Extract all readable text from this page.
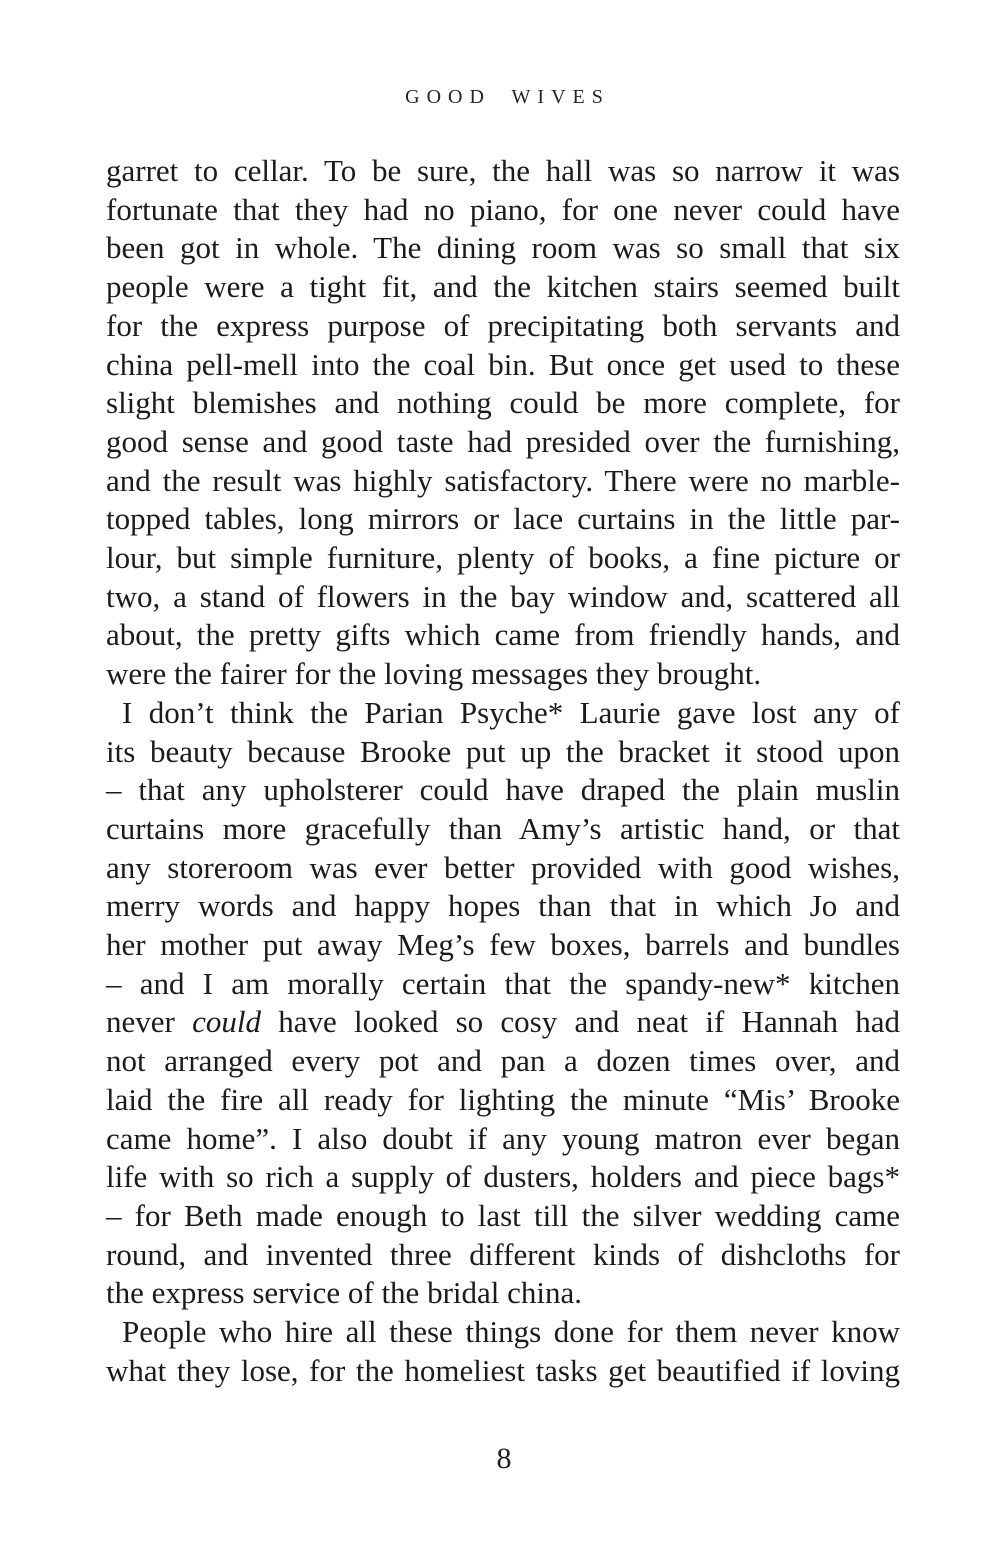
GOOD WIVES
garret to cellar. To be sure, the hall was so narrow it was
fortunate that they had no piano, for one never could have
been got in whole. The dining room was so small that six
people were a tight fit, and the kitchen stairs seemed built
for the express purpose of precipitating both servants and
china pell-mell into the coal bin. But once get used to these
slight blemishes and nothing could be more complete, for
good sense and good taste had presided over the furnishing,
and the result was highly satisfactory. There were no marble-
topped tables, long mirrors or lace curtains in the little par-
lour, but simple furniture, plenty of books, a fine picture or
two, a stand of flowers in the bay window and, scattered all
about, the pretty gifts which came from friendly hands, and
were the fairer for the loving messages they brought.
I don’t think the Parian Psyche* Laurie gave lost any of
its beauty because Brooke put up the bracket it stood upon
– that any upholsterer could have draped the plain muslin
curtains more gracefully than Amy’s artistic hand, or that
any storeroom was ever better provided with good wishes,
merry words and happy hopes than that in which Jo and
her mother put away Meg’s few boxes, barrels and bundles
– and I am morally certain that the spandy-new* kitchen
never could have looked so cosy and neat if Hannah had
not arranged every pot and pan a dozen times over, and
laid the fire all ready for lighting the minute “Mis’ Brooke
came home”. I also doubt if any young matron ever began
life with so rich a supply of dusters, holders and piece bags*
– for Beth made enough to last till the silver wedding came
round, and invented three different kinds of dishcloths for
the express service of the bridal china.
People who hire all these things done for them never know
what they lose, for the homeliest tasks get beautified if loving
8
